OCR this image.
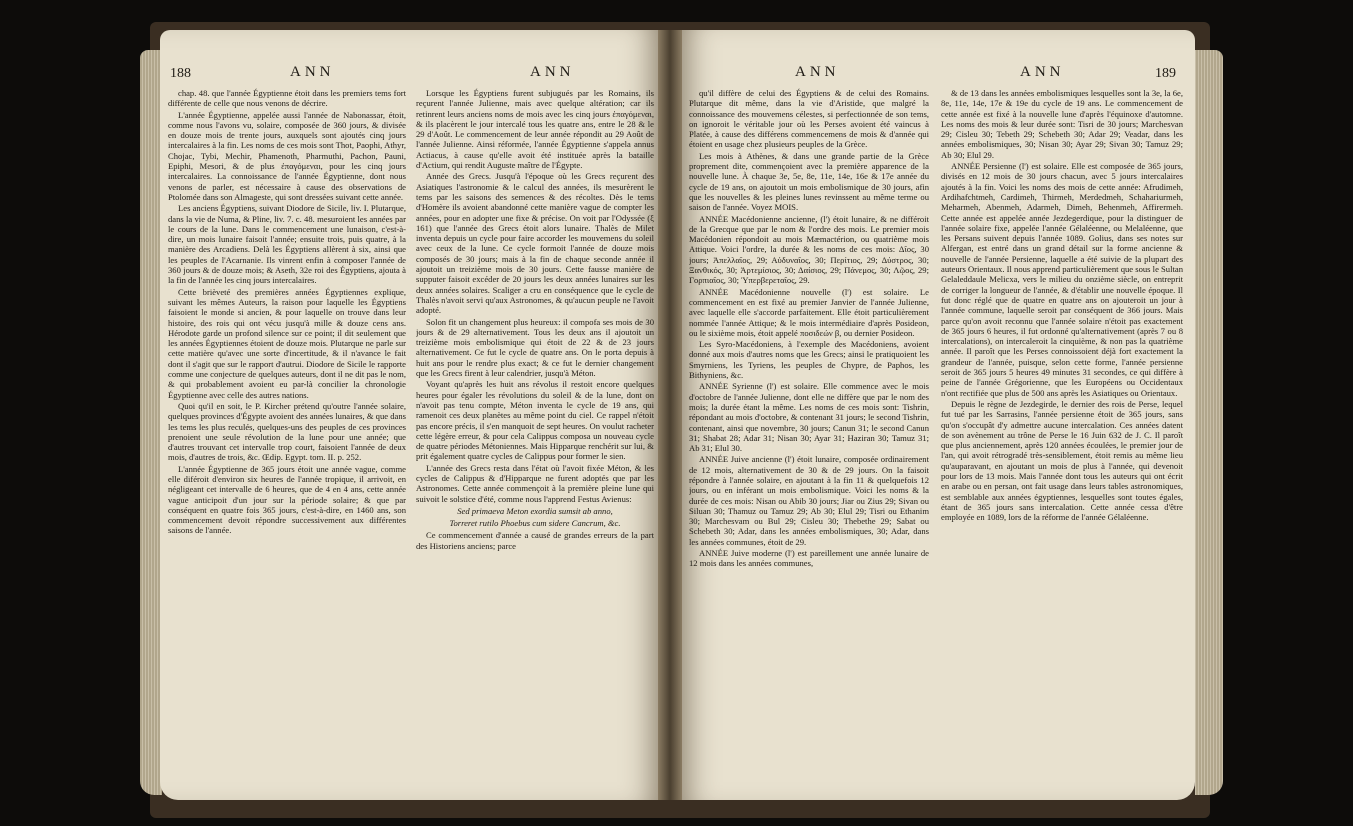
188	ANN	ANN

chap. 48. que l'année Égyptienne étoit dans les premiers tems fort différente de celle que nous venons de décrire.

L'année Égyptienne, appelée aussi l'année de Nabonassar, étoit, comme nous l'avons vu, solaire, composée de 360 jours, & divisée en douze mois de trente jours, auxquels sont ajoutés cinq jours intercalaires à la fin. Les noms de ces mois sont Thot, Paophi, Athyr, Chojac, Tybi, Mechir, Phamenoth, Pharmuthi, Pachon, Pauni, Epiphi, Mesori, & de plus ἐπαγόμεναι, pour les cinq jours intercalaires. La connoissance de l'année Égyptienne, dont nous venons de parler, est nécessaire à cause des observations de Ptolomée dans son Almageste, qui sont dressées suivant cette année.

Les anciens Égyptiens, suivant Diodore de Sicile, liv. I. Plutarque, dans la vie de Numa, & Pline, liv. 7. c. 48. mesuroient les années par le cours de la lune. Dans le commencement une lunaison, c'est-à-dire, un mois lunaire faisoit l'année; ensuite trois, puis quatre, à la manière des Arcadiens. Delà les Égyptiens allèrent à six, ainsi que les peuples de l'Acarnanie. Ils vinrent enfin à composer l'année de 360 jours & de douze mois; & Aseth, 32e roi des Égyptiens, ajouta à la fin de l'année les cinq jours intercalaires.

Cette brièveté des premières années Égyptiennes explique, suivant les mêmes Auteurs, la raison pour laquelle les Égyptiens faisoient le monde si ancien, & pour laquelle on trouve dans leur histoire, des rois qui ont vécu jusqu'à mille & douze cens ans. Hérodote garde un profond silence sur ce point; il dit seulement que les années Égyptiennes étoient de douze mois. Plutarque ne parle sur cette matière qu'avec une sorte d'incertitude, & il n'avance le fait dont il s'agit que sur le rapport d'autrui. Diodore de Sicile le rapporte comme une conjecture de quelques auteurs, dont il ne dit pas le nom, & qui probablement avoient eu par-là concilier la chronologie Égyptienne avec celle des autres nations.

Quoi qu'il en soit, le P. Kircher prétend qu'outre l'année solaire, quelques provinces d'Égypte avoient des années lunaires, & que dans les tems les plus reculés, quelques-uns des peuples de ces provinces prenoient une seule révolution de la lune pour une année; que d'autres trouvant cet intervalle trop court, faisoient l'année de deux mois, d'autres de trois, &c. Œdip. Egypt. tom. II. p. 252.

L'année Égyptienne de 365 jours étoit une année vague, comme elle diféroit d'environ six heures de l'année tropique, il arrivoit, en négligeant cet intervalle de 6 heures, que de 4 en 4 ans, cette année vague anticipoit d'un jour sur la période solaire; & que par conséquent en quatre fois 365 jours, c'est-à-dire, en 1460 ans, son commencement devoit répondre successivement aux différentes saisons de l'année.

Lorsque les Égyptiens furent subjugués par les Romains, ils reçurent l'année Julienne, mais avec quelque altération; car ils retinrent leurs anciens noms de mois avec les cinq jours ἐπαγόμεναι, & ils placèrent le jour intercalé tous les quatre ans, entre le 28 & le 29 d'Août. Le commencement de leur année répondit au 29 Août de l'année Julienne. Ainsi réformée, l'année Égyptienne s'appela annus Actiacus, à cause qu'elle avoit été instituée après la bataille d'Actium, qui rendit Auguste maître de l'Égypte.

Année des Grecs. Jusqu'à l'époque où les Grecs reçurent des Asiatiques l'astronomie & le calcul des années, ils mesurèrent le tems par les saisons des semences & des récoltes. Dès le tems d'Homère ils avoient abandonné cette manière vague de compter les années, pour en adopter une fixe & précise. On voit par l'Odyssée (ξ 161) que l'année des Grecs étoit alors lunaire. Thalès de Milet inventa depuis un cycle pour faire accorder les mouvemens du soleil avec ceux de la lune. Ce cycle formoit l'année de douze mois composés de 30 jours; mais à la fin de chaque seconde année il ajoutoit un treizième mois de 30 jours. Cette fausse manière de supputer faisoit excéder de 20 jours les deux années lunaires sur les deux années solaires. Scaliger a cru en conséquence que le cycle de Thalès n'avoit servi qu'aux Astronomes, & qu'aucun peuple ne l'avoit adopté.

Solon fit un changement plus heureux: il compofa ses mois de 30 jours & de 29 alternativement. Tous les deux ans il ajoutoit un treizième mois embolismique qui étoit de 22 & de 23 jours alternativement. Ce fut le cycle de quatre ans. On le porta depuis à huit ans pour le rendre plus exact; & ce fut le dernier changement que les Grecs firent à leur calendrier, jusqu'à Méton.

Voyant qu'après les huit ans révolus il restoit encore quelques heures pour égaler les révolutions du soleil & de la lune, dont on n'avoit pas tenu compte, Méton inventa le cycle de 19 ans, qui ramenoit ces deux planètes au même point du ciel. Ce rappel n'étoit pas encore précis, il s'en manquoit de sept heures. On voulut racheter cette légère erreur, & pour cela Calippus composa un nouveau cycle de quatre périodes Métoniennes. Mais Hipparque renchérit sur lui, & prit également quatre cycles de Calippus pour former le sien.

L'année des Grecs resta dans l'état où l'avoit fixée Méton, & les cycles de Calippus & d'Hipparque ne furent adoptés que par les Astronomes. Cette année commençoit à la première pleine lune qui suivoit le solstice d'été, comme nous l'apprend Festus Avienus:

Sed primaeva Meton exordia sumsit ab anno,
Torreret rutilo Phoebus cum sidere Cancrum, &c.

Ce commencement d'année a causé de grandes erreurs de la part des Historiens anciens; parce

ANN	ANN	189

qu'il diffère de celui des Égyptiens & de celui des Romains. Plutarque dit même, dans la vie d'Aristide, que malgré la connoissance des mouvemens célestes, si perfectionnée de son tems, on ignoroit le véritable jour où les Perses avoient été vaincus à Platée, à cause des différens commencemens de mois & d'année qui étoient en usage chez plusieurs peuples de la Grèce.

Les mois à Athènes, & dans une grande partie de la Grèce proprement dite, commençoient avec la première apparence de la nouvelle lune. À chaque 3e, 5e, 8e, 11e, 14e, 16e & 17e année du cycle de 19 ans, on ajoutoit un mois embolismique de 30 jours, afin que les nouvelles & les pleines lunes revinssent au même terme ou saison de l'année. Voyez MOIS.

ANNÉE Macédonienne ancienne, (l') étoit lunaire, & ne différoit de la Grecque que par le nom & l'ordre des mois. Le premier mois Macédonien répondoit au mois Mæmactérion, ou quatrième mois Attique. Voici l'ordre, la durée & les noms de ces mois: Δῖος, 30 jours; Ἀπελλαῖος, 29; Αὐδυναῖος, 30; Περίτιος, 29; Δύστρος, 30; Ξανθικός, 30; Ἀρτεμίσιος, 30; Δαίσιος, 29; Πάνεμος, 30; Λῷος, 29; Γορπιαῖος, 30; Ὑπερβερεταῖος, 29.

ANNÉE Macédonienne nouvelle (l') est solaire. Le commencement en est fixé au premier Janvier de l'année Julienne, avec laquelle elle s'accorde parfaitement. Elle étoit particulièrement nommée l'année Attique; & le mois intermédiaire d'après Posideon, ou le sixième mois, étoit appelé ποσιδεών β, ou dernier Posideon.

Les Syro-Macédoniens, à l'exemple des Macédoniens, avoient donné aux mois d'autres noms que les Grecs; ainsi le pratiquoient les Smyrniens, les Tyriens, les peuples de Chypre, de Paphos, les Bithyniens, &c.

ANNÉE Syrienne (l') est solaire. Elle commence avec le mois d'octobre de l'année Julienne, dont elle ne diffère que par le nom des mois; la durée étant la même. Les noms de ces mois sont: Tishrin, répondant au mois d'octobre, & contenant 31 jours; le second Tishrin, contenant, ainsi que novembre, 30 jours; Canun 31; le second Canun 31; Shabat 28; Adar 31; Nisan 30; Ayar 31; Haziran 30; Tamuz 31; Ab 31; Elul 30.

ANNÉE Juive ancienne (l') étoit lunaire, composée ordinairement de 12 mois, alternativement de 30 & de 29 jours. On la faisoit répondre à l'année solaire, en ajoutant à la fin 11 & quelquefois 12 jours, ou en inférant un mois embolismique. Voici les noms & la durée de ces mois: Nisan ou Abib 30 jours; Jiar ou Zius 29; Sivan ou Siluan 30; Thamuz ou Tamuz 29; Ab 30; Elul 29; Tisri ou Ethanim 30; Marchesvam ou Bul 29; Cisleu 30; Thebethe 29; Sabat ou Schebeth 30; Adar, dans les années embolismiques, 30; Adar, dans les années communes, étoit de 29.

ANNÉE Juive moderne (l') est pareillement une année lunaire de 12 mois dans les années communes,

& de 13 dans les années embolismiques lesquelles sont la 3e, la 6e, 8e, 11e, 14e, 17e & 19e du cycle de 19 ans. Le commencement de cette année est fixé à la nouvelle lune d'après l'équinoxe d'automne. Les noms des mois & leur durée sont: Tisri de 30 jours; Marchesvan 29; Cisleu 30; Tebeth 29; Schebeth 30; Adar 29; Veadar, dans les années embolismiques, 30; Nisan 30; Ayar 29; Sivan 30; Tamuz 29; Ab 30; Elul 29.

ANNÉE Persienne (l') est solaire. Elle est composée de 365 jours, divisés en 12 mois de 30 jours chacun, avec 5 jours intercalaires ajoutés à la fin. Voici les noms des mois de cette année: Afrudimeh, Ardihafchtmeh, Cardimeh, Thirmeh, Merdedmeh, Schahariurmeh, Meharmeh, Abenmeh, Adarmeh, Dimeh, Behenmeh, Affirermeh. Cette année est appelée année Jezdegerdique, pour la distinguer de l'année solaire fixe, appelée l'année Gélaléenne, ou Melaléenne, que les Persans suivent depuis l'année 1089. Golius, dans ses notes sur Alfergan, est entré dans un grand détail sur la forme ancienne & nouvelle de l'année Persienne, laquelle a été suivie de la plupart des auteurs Orientaux. Il nous apprend particulièrement que sous le Sultan Gelaleddaule Melicxa, vers le milieu du onzième siècle, on entreprit de corriger la longueur de l'année, & d'établir une nouvelle époque. Il fut donc réglé que de quatre en quatre ans on ajouteroit un jour à l'année commune, laquelle seroit par conséquent de 366 jours. Mais parce qu'on avoit reconnu que l'année solaire n'étoit pas exactement de 365 jours 6 heures, il fut ordonné qu'alternativement (après 7 ou 8 intercalations), on intercaleroit la cinquième, & non pas la quatrième année. Il paroît que les Perses connoissoient déjà fort exactement la grandeur de l'année, puisque, selon cette forme, l'année persienne seroit de 365 jours 5 heures 49 minutes 31 secondes, ce qui diffère à peine de l'année Grégorienne, que les Européens ou Occidentaux n'ont rectifiée que plus de 500 ans après les Asiatiques ou Orientaux.

Depuis le règne de Jezdegirde, le dernier des rois de Perse, lequel fut tué par les Sarrasins, l'année persienne étoit de 365 jours, sans qu'on s'occupât d'y admettre aucune intercalation. Ces années datent de son avènement au trône de Perse le 16 Juin 632 de J. C. Il paroît que plus anciennement, après 120 années écoulées, le premier jour de l'an, qui avoit rétrogradé très-sensiblement, étoit remis au même lieu qu'auparavant, en ajoutant un mois de plus à l'année, qui devenoit pour lors de 13 mois. Mais l'année dont tous les auteurs qui ont écrit en arabe ou en persan, ont fait usage dans leurs tables astronomiques, est semblable aux années égyptiennes, lesquelles sont toutes égales, étant de 365 jours sans intercalation. Cette année cessa d'être employée en 1089, lors de la réforme de l'année Gélaléenne.
